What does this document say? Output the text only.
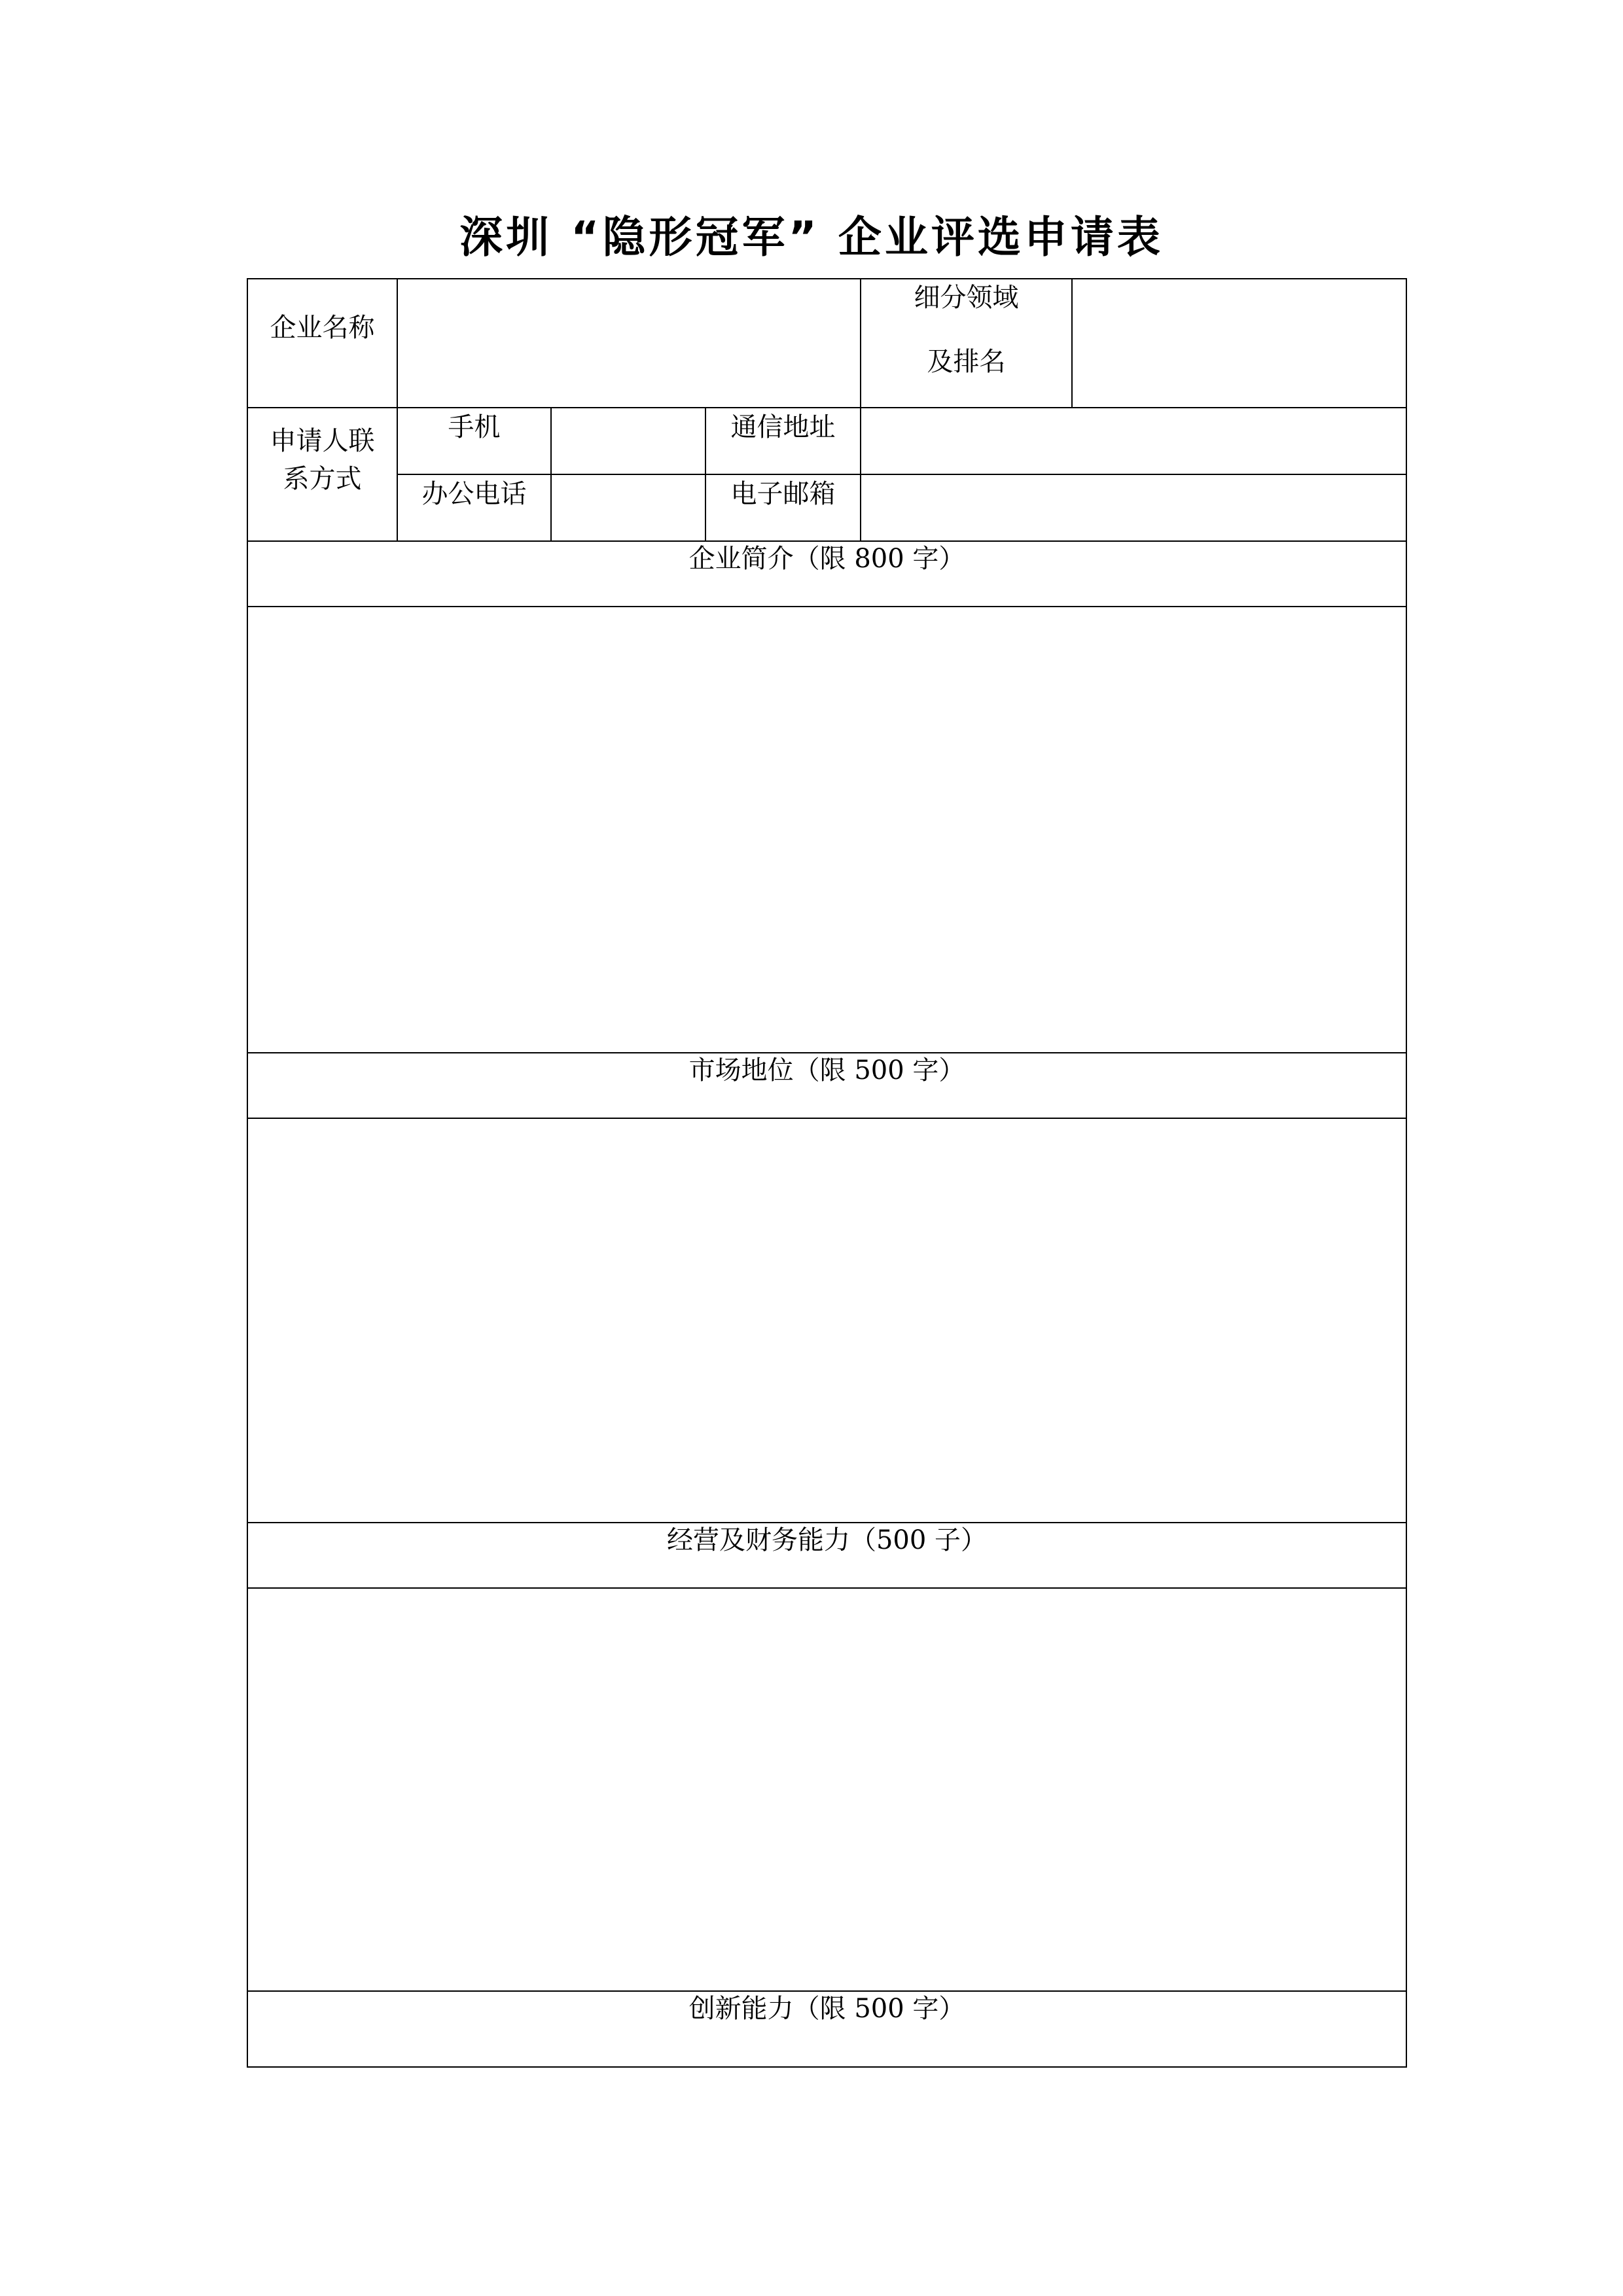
深圳 “隐形冠军” 企业评选申请表
企业名称
细分领域
及排名
申请人联
系方式
手机	通信地址
办公电话	电子邮箱
企业简介（限 800 字）
市场地位（限 500 字）
经营及财务能力（500 子）
创新能力（限 500 字）
